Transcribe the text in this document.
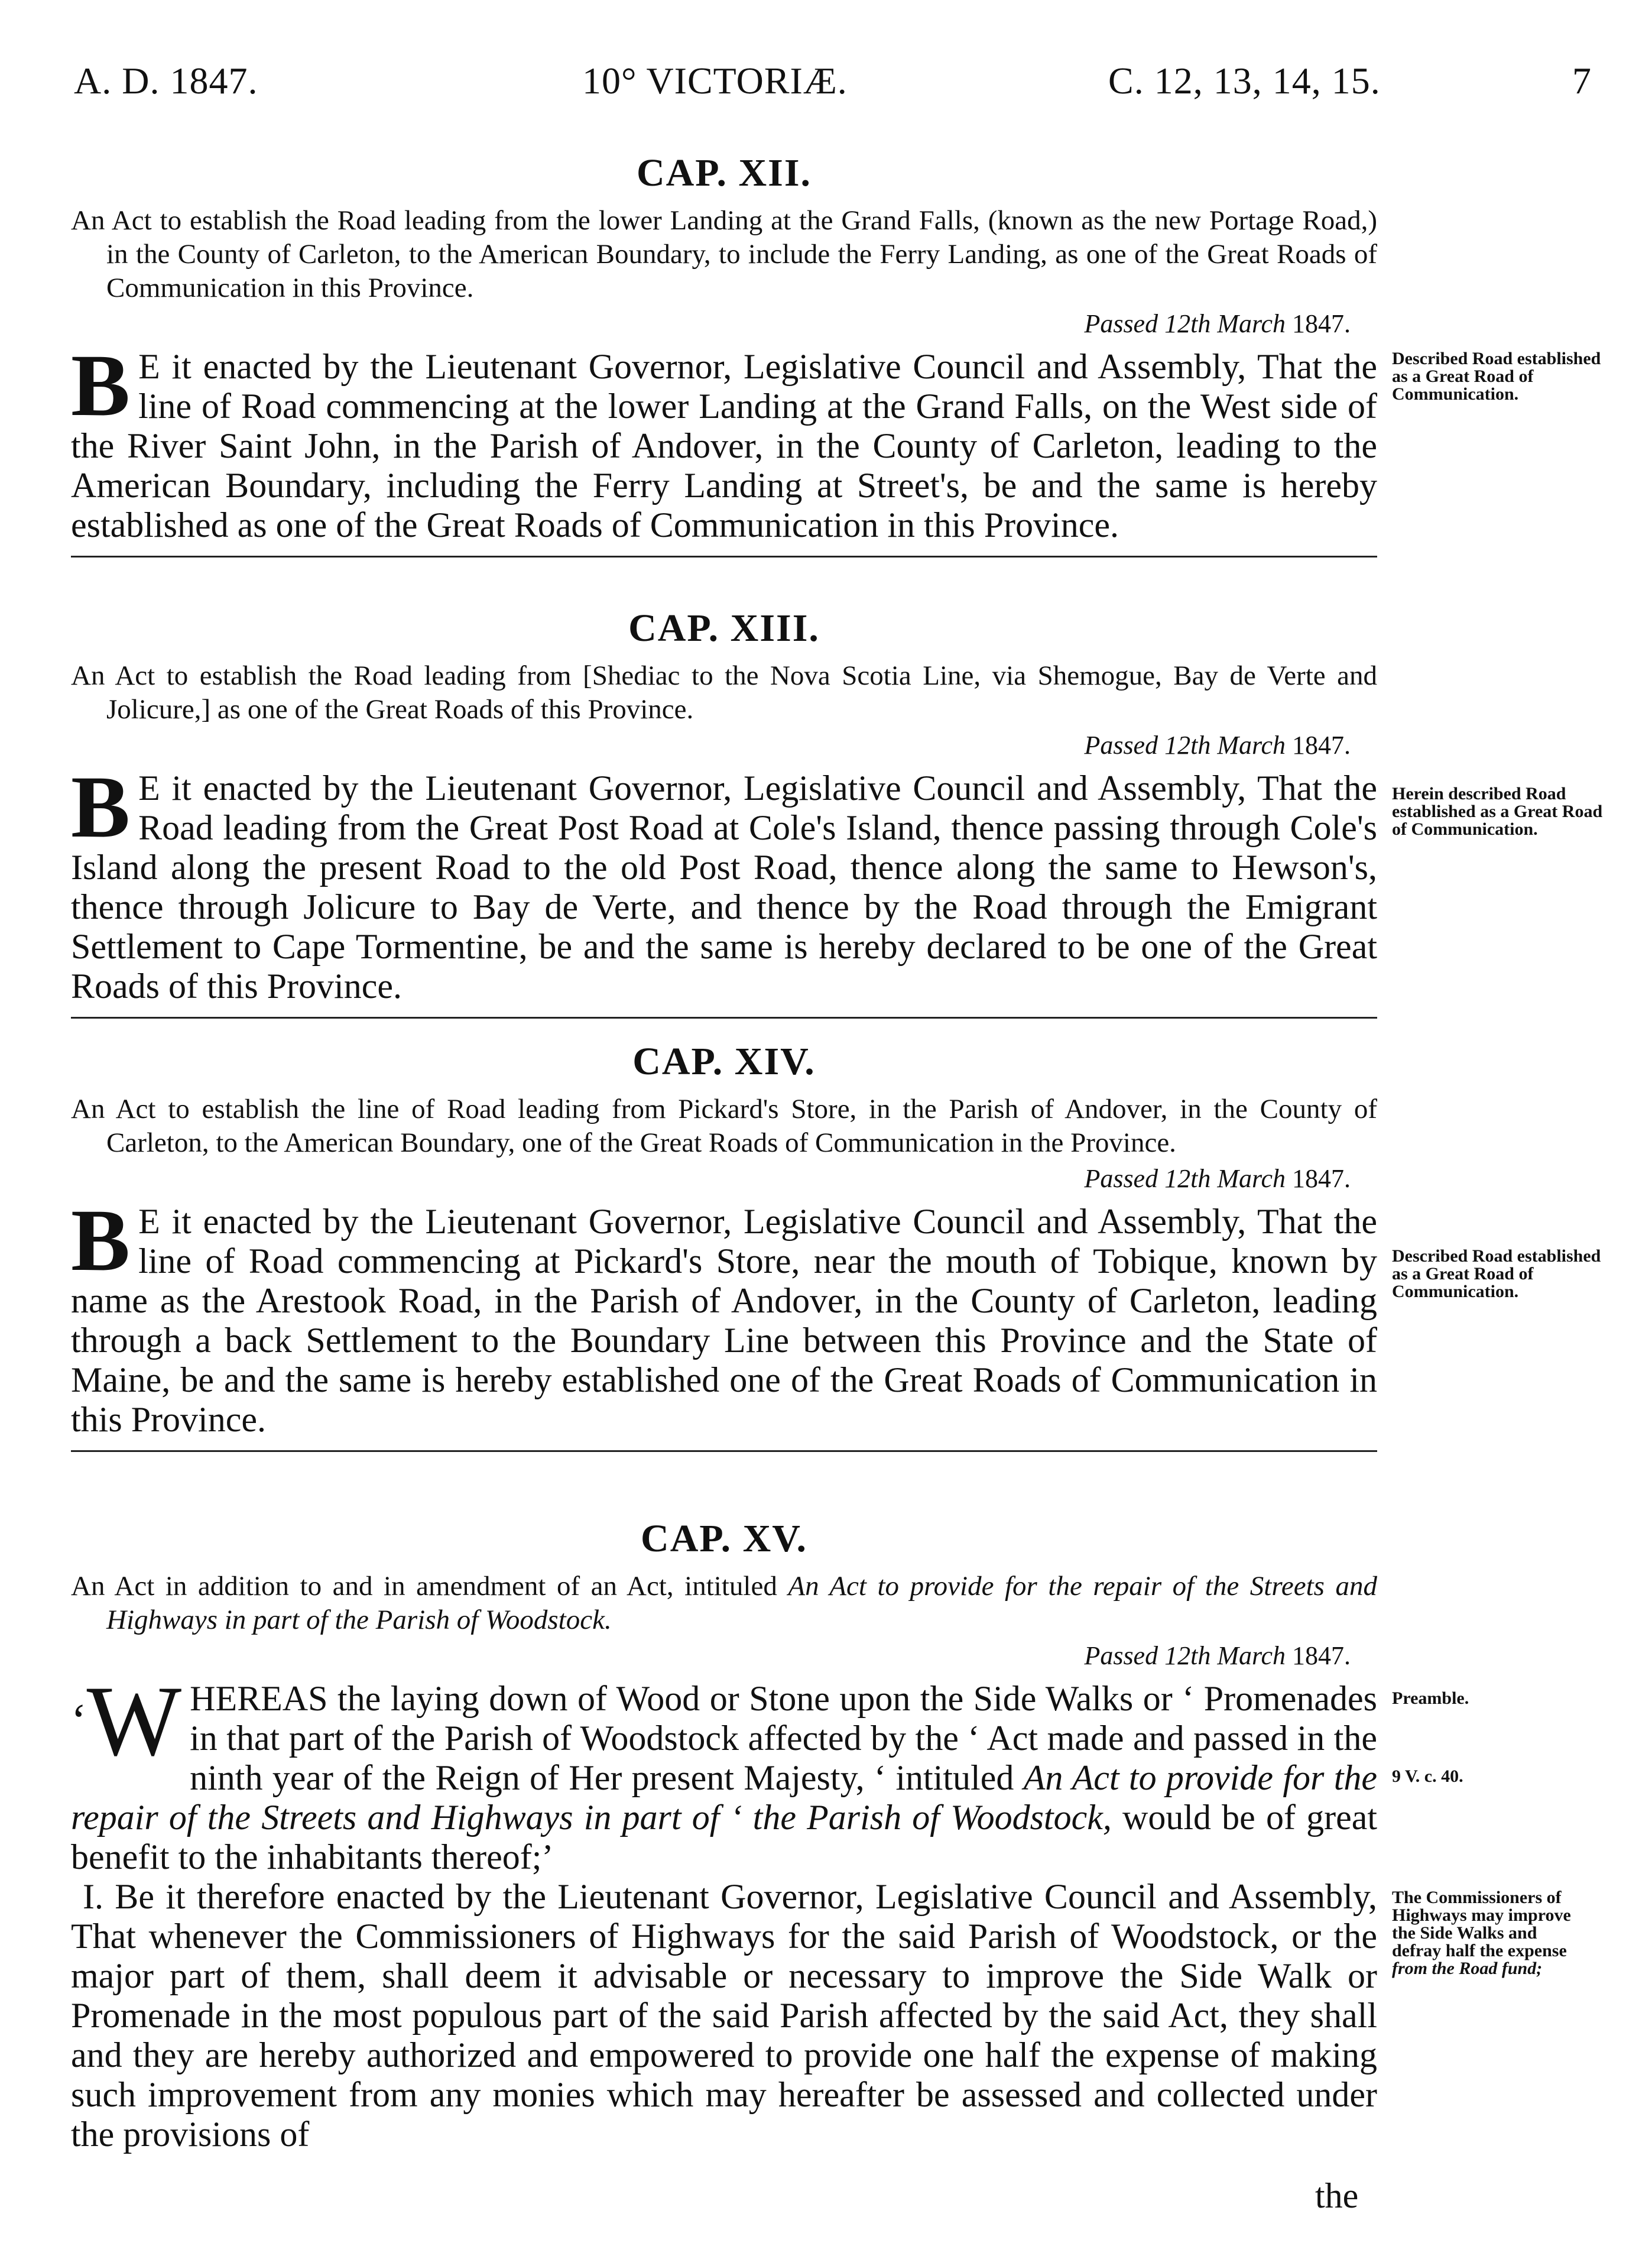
A. D. 1847.	10° VICTORIÆ.	C. 12, 13, 14, 15.	7
CAP. XII.

An Act to establish the Road leading from the lower Landing at the Grand Falls, (known as the new Portage Road,) in the County of Carleton, to the American Boundary, to include the Ferry Landing, as one of the Great Roads of Communication in this Province.

Passed 12th March 1847.

B E it enacted by the Lieutenant Governor, Legislative Council and Assembly, That the line of Road commencing at the lower Landing at the Grand Falls, on the West side of the River Saint John, in the Parish of Andover, in the County of Carleton, leading to the American Boundary, including the Ferry Landing at Street's, be and the same is hereby established as one of the Great Roads of Communication in this Province.

Described Road established as a Great Road of Communication.
CAP. XIII.

An Act to establish the Road leading from [Shediac to the Nova Scotia Line, via Shemogue, Bay de Verte and Jolicure,] as one of the Great Roads of this Province.

Passed 12th March 1847.

B E it enacted by the Lieutenant Governor, Legislative Council and Assembly, That the Road leading from the Great Post Road at Cole's Island, thence passing through Cole's Island along the present Road to the old Post Road, thence along the same to Hewson's, thence through Jolicure to Bay de Verte, and thence by the Road through the Emigrant Settlement to Cape Tormentine, be and the same is hereby declared to be one of the Great Roads of this Province.

Herein described Road established as a Great Road of Communication.
CAP. XIV.

An Act to establish the line of Road leading from Pickard's Store, in the Parish of Andover, in the County of Carleton, to the American Boundary, one of the Great Roads of Communication in the Province.

Passed 12th March 1847.

B E it enacted by the Lieutenant Governor, Legislative Council and Assembly, That the line of Road commencing at Pickard's Store, near the mouth of Tobique, known by name as the Arestook Road, in the Parish of Andover, in the County of Carleton, leading through a back Settlement to the Boundary Line between this Province and the State of Maine, be and the same is hereby established one of the Great Roads of Communication in this Province.

Described Road established as a Great Road of Communication.
CAP. XV.

An Act in addition to and in amendment of an Act, intituled An Act to provide for the repair of the Streets and Highways in part of the Parish of Woodstock.

Passed 12th March 1847.

‘W HEREAS the laying down of Wood or Stone upon the Side Walks or ‘ Promenades in that part of the Parish of Woodstock affected by the ‘ Act made and passed in the ninth year of the Reign of Her present Majesty, ‘ intituled An Act to provide for the repair of the Streets and Highways in part of ‘ the Parish of Woodstock, would be of great benefit to the inhabitants thereof;’

I. Be it therefore enacted by the Lieutenant Governor, Legislative Council and Assembly, That whenever the Commissioners of Highways for the said Parish of Woodstock, or the major part of them, shall deem it advisable or necessary to improve the Side Walk or Promenade in the most populous part of the said Parish affected by the said Act, they shall and they are hereby authorized and empowered to provide one half the expense of making such improvement from any monies which may hereafter be assessed and collected under the provisions of

Preamble.
9 V. c. 40.
The Commissioners of Highways may improve the Side Walks and defray half the expense from the Road fund;
the
